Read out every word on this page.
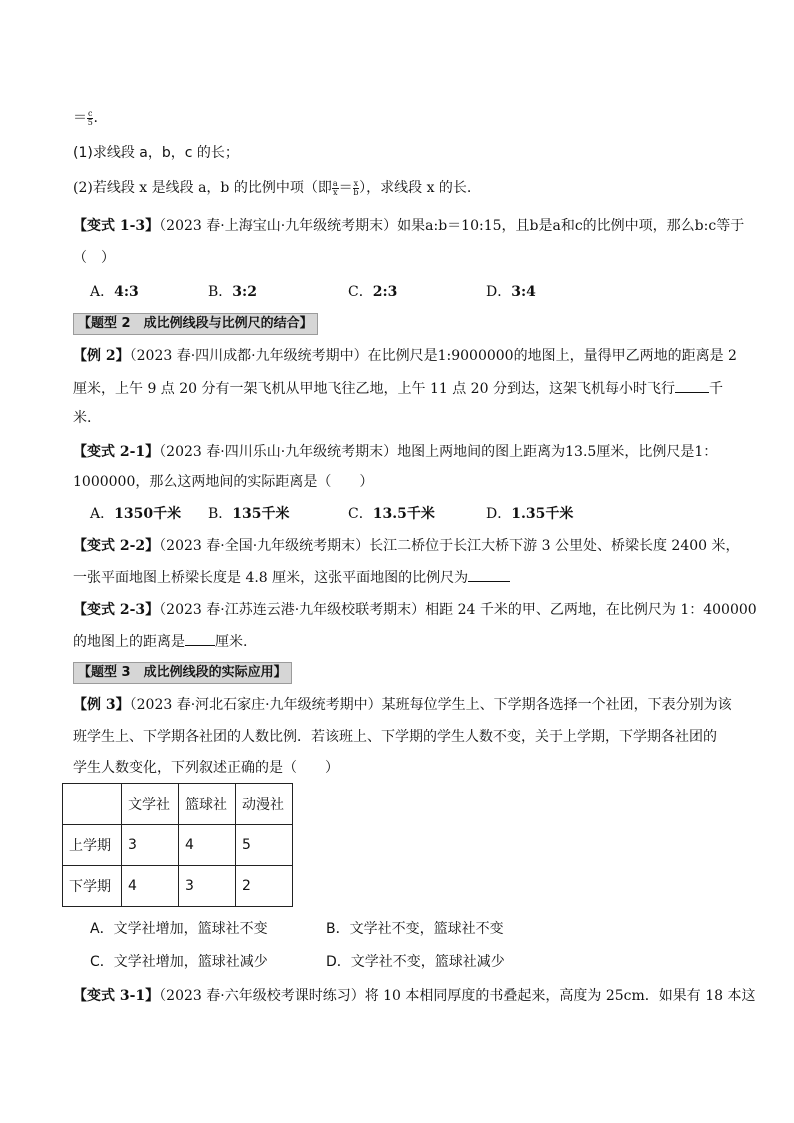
＝ $\frac{c}{5}$ .
(1)求线段 a，b，c 的长；
(2)若线段 x 是线段 a，b 的比例中项（即 $\frac{a}{x} = \frac{x}{b}$ ），求线段 x 的长.
【变式 1-3】（2023 春·上海宝山·九年级统考期末）如果a:b＝10:15，且b是a和c的比例中项，那么b:c等于
（　）
A．4:3	B．3:2	C．2:3	D．3:4
【题型 2　成比例线段与比例尺的结合】
【例 2】（2023 春·四川成都·九年级统考期中）在比例尺是1:9000000的地图上，量得甲乙两地的距离是 2
厘米，上午 9 点 20 分有一架飞机从甲地飞往乙地，上午 11 点 20 分到达，这架飞机每小时飞行 千
米.
【变式 2-1】（2023 春·四川乐山·九年级统考期末）地图上两地间的图上距离为13.5厘米，比例尺是1：
1000000，那么这两地间的实际距离是（　　）
A．1350千米 B．135千米	C．13.5千米	D．1.35千米
【变式 2-2】（2023 春·全国·九年级统考期末）长江二桥位于长江大桥下游 3 公里处、桥梁长度 2400 米，
一张平面地图上桥梁长度是 4.8 厘米，这张平面地图的比例尺为
【变式 2-3】（2023 春·江苏连云港·九年级校联考期末）相距 24 千米的甲、乙两地，在比例尺为 1：400000
的地图上的距离是 厘米.
【题型 3　成比例线段的实际应用】
【例 3】（2023 春·河北石家庄·九年级统考期中）某班每位学生上、下学期各选择一个社团，下表分别为该
班学生上、下学期各社团的人数比例．若该班上、下学期的学生人数不变，关于上学期，下学期各社团的
学生人数变化，下列叙述正确的是（　　）
	文学社	篮球社	动漫社
上学期	3	4	5
下学期	4	3	2
A．文学社增加，篮球社不变	B．文学社不变，篮球社不变
C．文学社增加，篮球社减少	D．文学社不变，篮球社减少
【变式 3-1】（2023 春·六年级校考课时练习）将 10 本相同厚度的书叠起来，高度为 25cm．如果有 18 本这
